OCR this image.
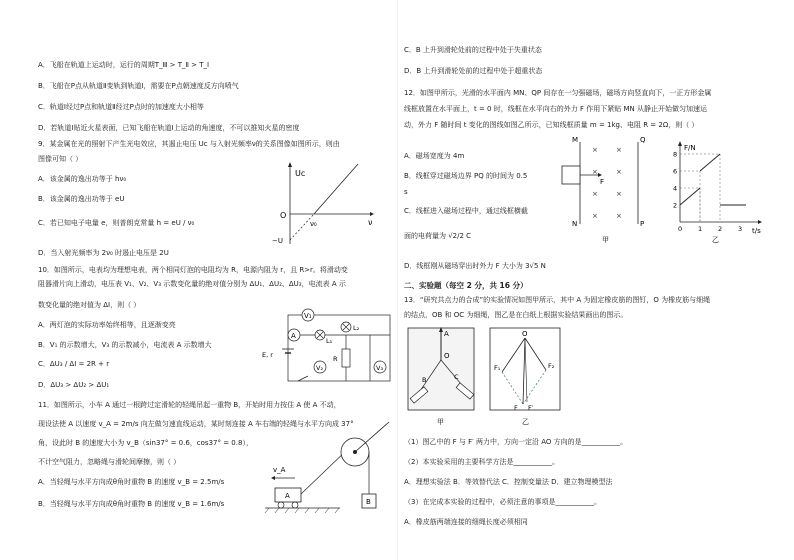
A．飞船在轨道上运动时，运行的周期T_Ⅲ > T_Ⅱ > T_Ⅰ
B．飞船在P点从轨道Ⅱ变轨到轨道Ⅰ，需要在P点朝速度反方向喷气
C．轨道Ⅰ经过P点和轨道Ⅱ经过P点时的加速度大小相等
D．若轨道Ⅰ贴近火星表面，已知飞船在轨道Ⅰ上运动的角速度，不可以推知火星的密度
9．某金属在光的照射下产生光电效应，其遏止电压 Uc 与入射光频率ν的关系图像如图所示，则由
图像可知（ ）
A．该金属的逸出功等于 hν₀
B．该金属的逸出功等于 eU
C．若已知电子电量 e，则普朗克常量 h = eU / ν₀
D．当入射光频率为 2ν₀ 时遏止电压是 2U
Uc
ν
O
ν₀
−U
10．如图所示，电表均为理想电表，两个相同灯泡的电阻均为 R，电源内阻为 r，且 R>r。将滑动变
阻器滑片向上滑动，电压表 V₁、V₂、V₃ 示数变化量的绝对值分别为 ΔU₁、ΔU₂、ΔU₃，电流表 A 示
数变化量的绝对值为 ΔI，则（ ）
A．两灯泡的实际功率始终相等，且逐渐变亮
B．V₁ 的示数增大，V₃ 的示数减小，电流表 A 示数增大
C．ΔU₃ / ΔI = 2R + r
D．ΔU₃ > ΔU₂ > ΔU₁
V₁
A
L₁
L₂
R
V₂	V₃
E, r
11．如图所示，小车 A 通过一根跨过定滑轮的轻绳吊起一重物 B，开始时用力按住 A 使 A 不动，
现设法使 A 以速度 v_A = 2m/s 向左做匀速直线运动，某时刻连接 A 车右端的轻绳与水平方向成 37°
角，设此时 B 的速度大小为 v_B（sin37° = 0.6，cos37° = 0.8），
不计空气阻力，忽略绳与滑轮间摩擦，则（ ）
A．当轻绳与水平方向成θ角时重物 B 的速度 v_B = 2.5m/s
B．当轻绳与水平方向成θ角时重物 B 的速度 v_B = 1.6m/s
A
v_A
B
C．B 上升到滑轮处前的过程中处于失重状态
D．B 上升到滑轮处前的过程中处于超重状态
12．如图甲所示，光滑的水平面内 MN、QP 间存在一匀强磁场，磁场方向竖直向下，一正方形金属
线框放置在水平面上，t = 0 时，线框在水平向右的外力 F 作用下紧贴 MN 从静止开始做匀加速运
动，外力 F 随时间 t 变化的图线如图乙所示，已知线框质量 m = 1kg、电阻 R = 2Ω，则（ ）
A．磁场宽度为 4m
B．线框穿过磁场边界 PQ 的时间为 0.5
s
C．线框进入磁场过程中，通过线框横截
面的电荷量为 √2/2 C
D．线框刚从磁场穿出时外力 F 大小为 3√5 N
M
N
Q
P
×	×
×	×
×	×
×	×
F
甲
F/N
t/s
2
4
6
8
0 1 2 3
乙
二、实验题（每空 2 分，共 16 分）
13．“研究共点力的合成”的实验情况如图甲所示，其中 A 为固定橡皮筋的图钉，O 为橡皮筋与细绳
的结点，OB 和 OC 为细绳，图乙是在白纸上根据实验结果画出的图示。
A
O
B	C
甲
O
F₁	F₂
F F′
乙
（1）图乙中的 F 与 F′ 两力中，方向一定沿 AO 方向的是___________。
（2）本实验采用的主要科学方法是___________。
A．理想实验法 B．等效替代法 C．控制变量法 D．建立物理模型法
（3）在完成本实验的过程中，必须注意的事项是___________。
A．橡皮筋两端连接的细绳长度必须相同
